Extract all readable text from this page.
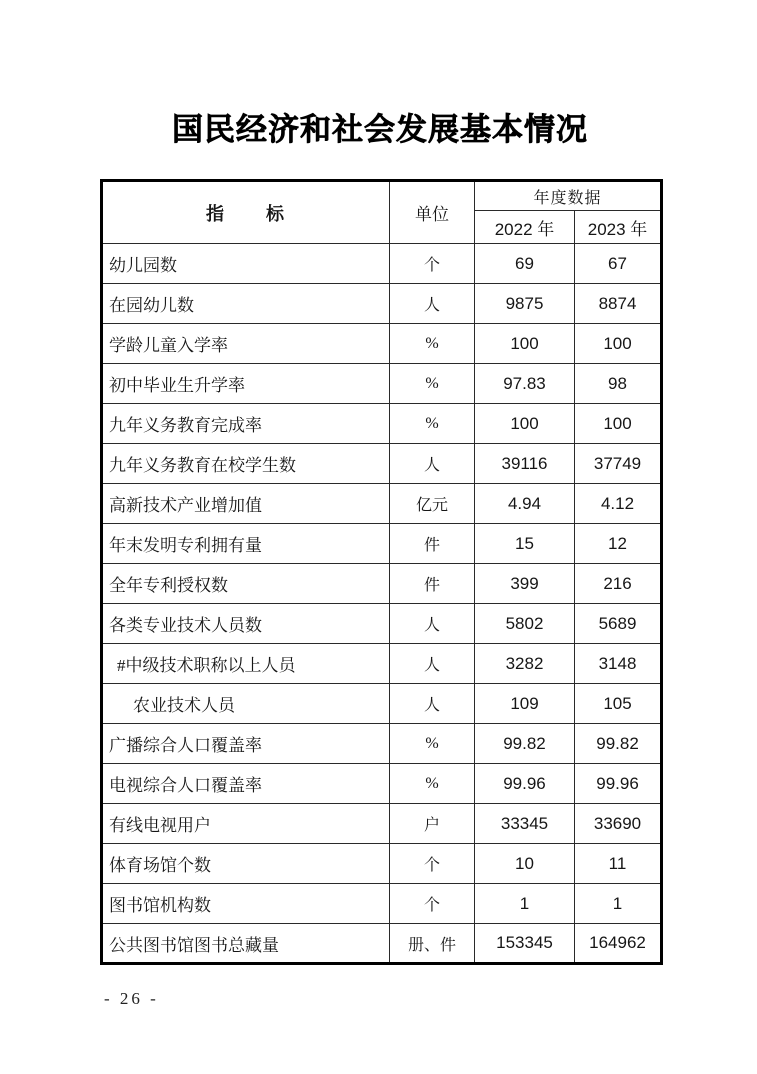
国民经济和社会发展基本情况
指　　标	单位	年度数据	
		2022 年	2023 年
幼儿园数	个	69	67
在园幼儿数	人	9875	8874
学龄儿童入学率	%	100	100
初中毕业生升学率	%	97.83	98
九年义务教育完成率	%	100	100
九年义务教育在校学生数	人	39116	37749
高新技术产业增加值	亿元	4.94	4.12
年末发明专利拥有量	件	15	12
全年专利授权数	件	399	216
各类专业技术人员数	人	5802	5689
#中级技术职称以上人员	人	3282	3148
农业技术人员	人	109	105
广播综合人口覆盖率	%	99.82	99.82
电视综合人口覆盖率	%	99.96	99.96
有线电视用户	户	33345	33690
体育场馆个数	个	10	11
图书馆机构数	个	1	1
公共图书馆图书总藏量	册、件	153345	164962
- 26 -
